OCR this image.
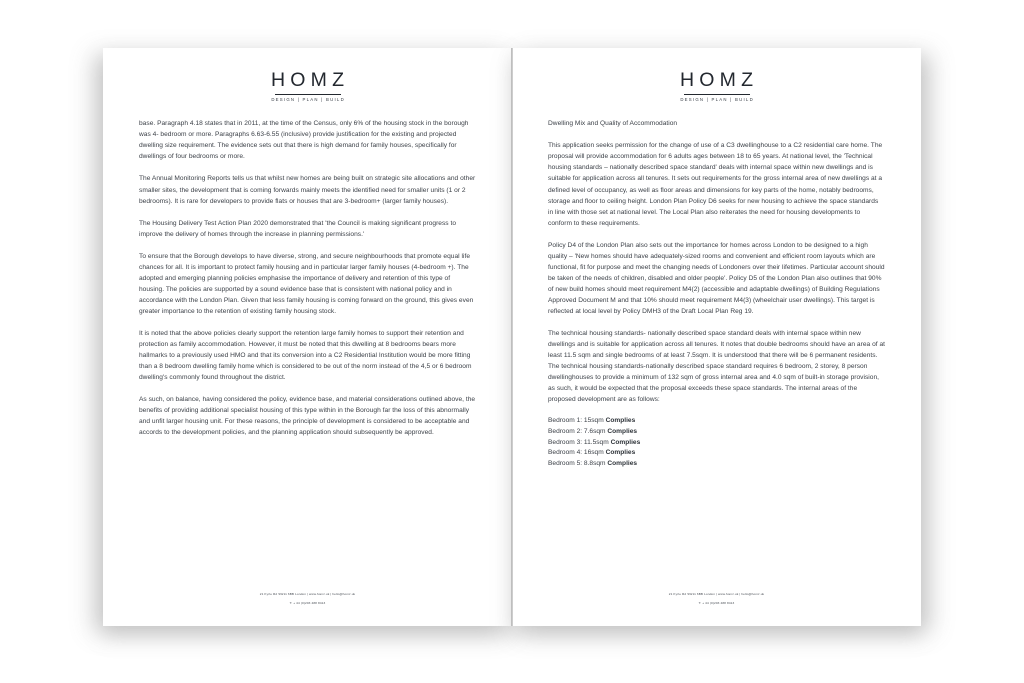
HOMZ
DESIGN | PLAN | BUILD

base. Paragraph 4.18 states that in 2011, at the time of the Census, only 6% of the housing stock in the borough was 4- bedroom or more. Paragraphs 6.63-6.55 (inclusive) provide justification for the existing and projected dwelling size requirement. The evidence sets out that there is high demand for family houses, specifically for dwellings of four bedrooms or more.

The Annual Monitoring Reports tells us that whilst new homes are being built on strategic site allocations and other smaller sites, the development that is coming forwards mainly meets the identified need for smaller units (1 or 2 bedrooms). It is rare for developers to provide flats or houses that are 3-bedroom+ (larger family houses).

The Housing Delivery Test Action Plan 2020 demonstrated that 'the Council is making significant progress to improve the delivery of homes through the increase in planning permissions.'

To ensure that the Borough develops to have diverse, strong, and secure neighbourhoods that promote equal life chances for all. It is important to protect family housing and in particular larger family houses (4-bedroom +). The adopted and emerging planning policies emphasise the importance of delivery and retention of this type of housing. The policies are supported by a sound evidence base that is consistent with national policy and in accordance with the London Plan. Given that less family housing is coming forward on the ground, this gives even greater importance to the retention of existing family housing stock.

It is noted that the above policies clearly support the retention large family homes to support their retention and protection as family accommodation. However, it must be noted that this dwelling at 8 bedrooms bears more hallmarks to a previously used HMO and that its conversion into a C2 Residential Institution would be more fitting than a 8 bedroom dwelling family home which is considered to be out of the norm instead of the 4,5 or 6 bedroom dwelling's commonly found throughout the district.

As such, on balance, having considered the policy, evidence base, and material considerations outlined above, the benefits of providing additional specialist housing of this type within in the Borough far the loss of this abnormally and unfit larger housing unit. For these reasons, the principle of development is considered to be acceptable and accords to the development policies, and the planning application should subsequently be approved.

21 Kyrle Rd SW11 6BB London | www.homz.uk | hello@homz.uk
T: + 44 (0)203 488 8413
HOMZ
DESIGN | PLAN | BUILD

Dwelling Mix and Quality of Accommodation

This application seeks permission for the change of use of a C3 dwellinghouse to a C2 residential care home. The proposal will provide accommodation for 6 adults ages between 18 to 65 years. At national level, the 'Technical housing standards – nationally described space standard' deals with internal space within new dwellings and is suitable for application across all tenures. It sets out requirements for the gross internal area of new dwellings at a defined level of occupancy, as well as floor areas and dimensions for key parts of the home, notably bedrooms, storage and floor to ceiling height. London Plan Policy D6 seeks for new housing to achieve the space standards in line with those set at national level. The Local Plan also reiterates the need for housing developments to conform to these requirements.

Policy D4 of the London Plan also sets out the importance for homes across London to be designed to a high quality – 'New homes should have adequately-sized rooms and convenient and efficient room layouts which are functional, fit for purpose and meet the changing needs of Londoners over their lifetimes. Particular account should be taken of the needs of children, disabled and older people'. Policy D5 of the London Plan also outlines that 90% of new build homes should meet requirement M4(2) (accessible and adaptable dwellings) of Building Regulations Approved Document M and that 10% should meet requirement M4(3) (wheelchair user dwellings). This target is reflected at local level by Policy DMH3 of the Draft Local Plan Reg 19.

The technical housing standards- nationally described space standard deals with internal space within new dwellings and is suitable for application across all tenures. It notes that double bedrooms should have an area of at least 11.5 sqm and single bedrooms of at least 7.5sqm. It is understood that there will be 6 permanent residents. The technical housing standards-nationally described space standard requires 6 bedroom, 2 storey, 8 person dwellinghouses to provide a minimum of 132 sqm of gross internal area and 4.0 sqm of built-in storage provision, as such, it would be expected that the proposal exceeds these space standards. The internal areas of the proposed development are as follows:

Bedroom 1: 15sqm Complies
Bedroom 2: 7.6sqm Complies
Bedroom 3: 11.5sqm Complies
Bedroom 4: 16sqm Complies
Bedroom 5: 8.8sqm Complies
21 Kyrle Rd SW11 6BB London | www.homz.uk | hello@homz.uk
T: + 44 (0)203 488 8413
